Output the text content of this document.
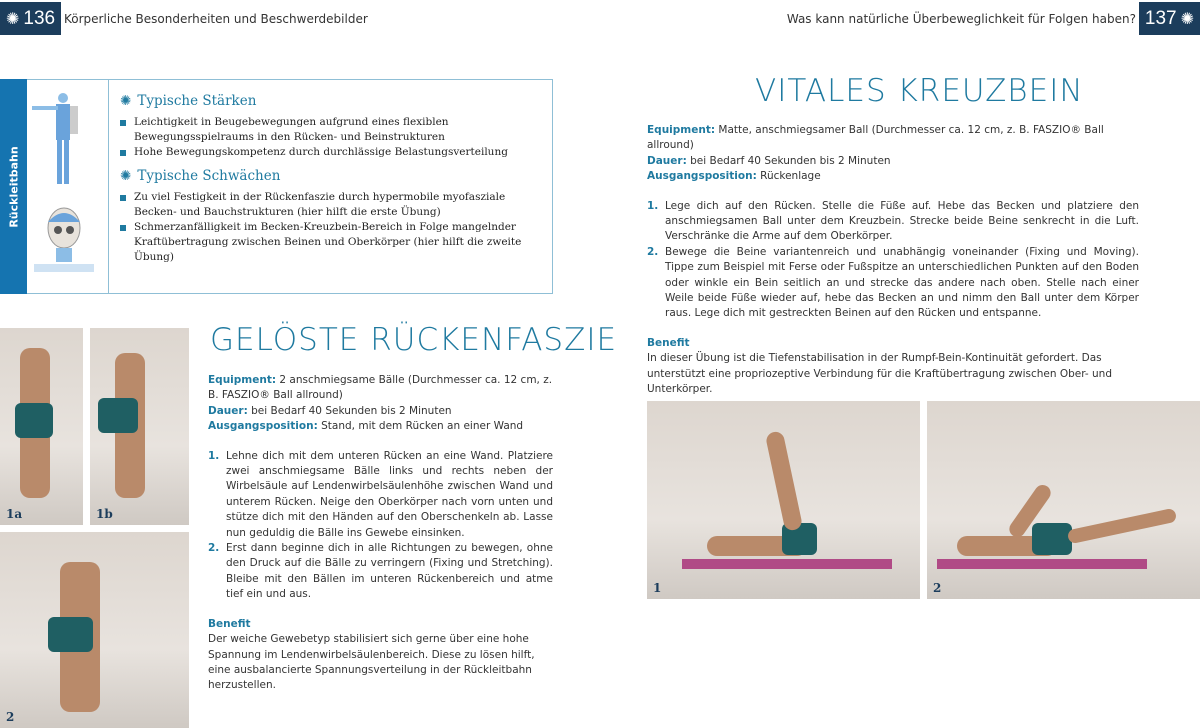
✺ 136 Körperliche Besonderheiten und Beschwerdebilder	Was kann natürliche Überbeweglichkeit für Folgen haben? 137 ✺
Rückleitbahn
✺ Typische Stärken
Leichtigkeit in Beugebewegungen aufgrund eines flexiblen Bewegungsspielraums in den Rücken- und Beinstrukturen
Hohe Bewegungskompetenz durch durchlässige Belastungsverteilung
✺ Typische Schwächen
Zu viel Festigkeit in der Rückenfaszie durch hypermobile myofasziale Becken- und Bauchstrukturen (hier hilft die erste Übung)
Schmerzanfälligkeit im Becken-Kreuzbein-Bereich in Folge mangelnder Kraftübertragung zwischen Beinen und Oberkörper (hier hilft die zweite Übung)
1a	1b
2
GELÖSTE RÜCKENFASZIE
Equipment: 2 anschmiegsame Bälle (Durchmesser ca. 12 cm, z. B. FASZIO® Ball allround)
Dauer: bei Bedarf 40 Sekunden bis 2 Minuten
Ausgangsposition: Stand, mit dem Rücken an einer Wand
1. Lehne dich mit dem unteren Rücken an eine Wand. Platziere zwei anschmiegsame Bälle links und rechts neben der Wirbelsäule auf Lendenwirbelsäulenhöhe zwischen Wand und unterem Rücken. Neige den Oberkörper nach vorn unten und stütze dich mit den Händen auf den Oberschenkeln ab. Lasse nun geduldig die Bälle ins Gewebe einsinken.
2. Erst dann beginne dich in alle Richtungen zu bewegen, ohne den Druck auf die Bälle zu verringern (Fixing und Stretching). Bleibe mit den Bällen im unteren Rückenbereich und atme tief ein und aus.
Benefit
Der weiche Gewebetyp stabilisiert sich gerne über eine hohe Spannung im Lendenwirbelsäulenbereich. Diese zu lösen hilft, eine ausbalancierte Spannungsverteilung in der Rückleitbahn herzustellen.
VITALES KREUZBEIN
Equipment: Matte, anschmiegsamer Ball (Durchmesser ca. 12 cm, z. B. FASZIO® Ball allround)
Dauer: bei Bedarf 40 Sekunden bis 2 Minuten
Ausgangsposition: Rückenlage
1. Lege dich auf den Rücken. Stelle die Füße auf. Hebe das Becken und platziere den anschmiegsamen Ball unter dem Kreuzbein. Strecke beide Beine senkrecht in die Luft. Verschränke die Arme auf dem Oberkörper.
2. Bewege die Beine variantenreich und unabhängig voneinander (Fixing und Moving). Tippe zum Beispiel mit Ferse oder Fußspitze an unterschiedlichen Punkten auf den Boden oder winkle ein Bein seitlich an und strecke das andere nach oben. Stelle nach einer Weile beide Füße wieder auf, hebe das Becken an und nimm den Ball unter dem Körper raus. Lege dich mit gestreckten Beinen auf den Rücken und entspanne.
Benefit
In dieser Übung ist die Tiefenstabilisation in der Rumpf-Bein-Kontinuität gefordert. Das unterstützt eine propriozeptive Verbindung für die Kraftübertragung zwischen Ober- und Unterkörper.
1	2
